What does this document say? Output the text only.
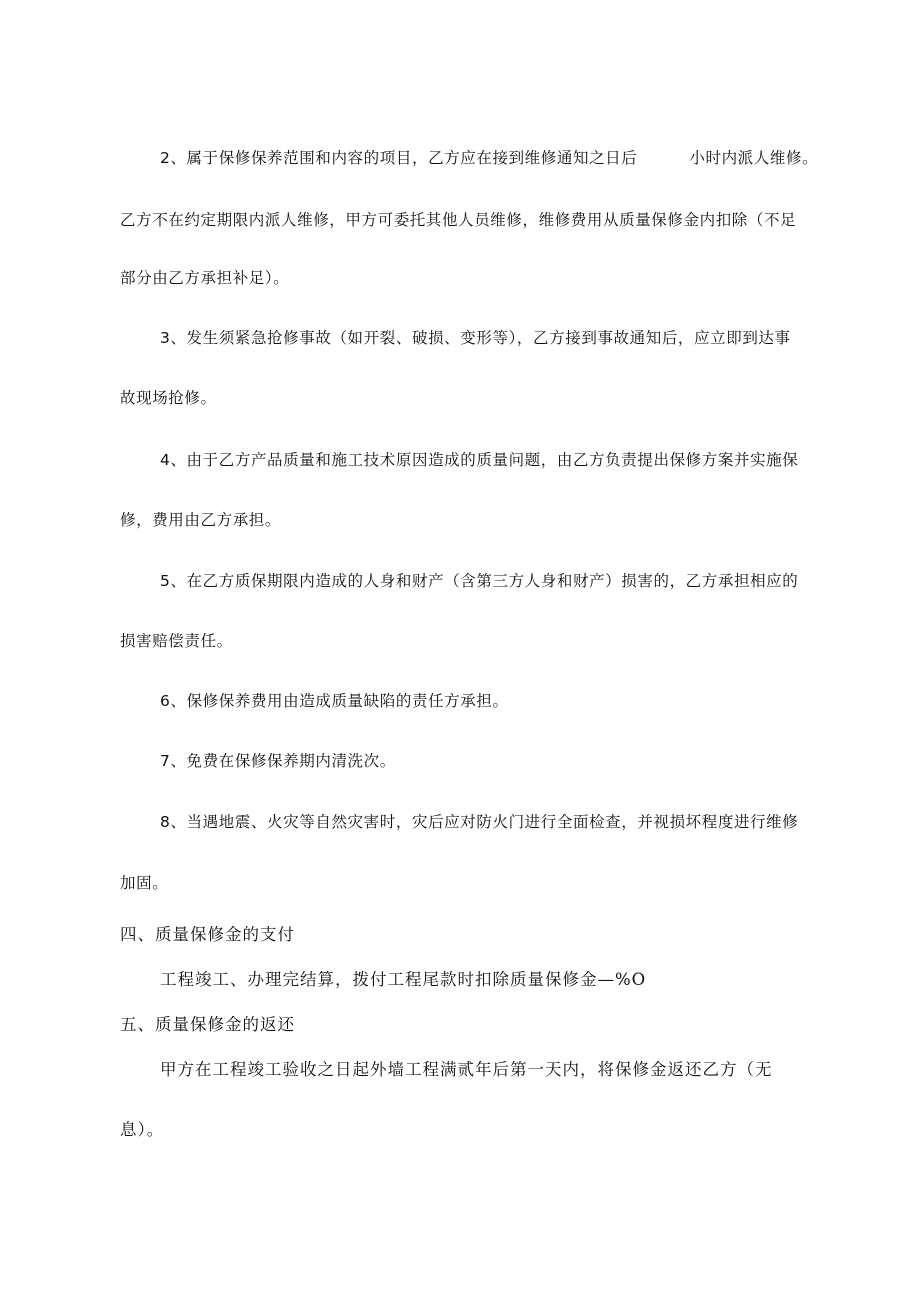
2、属于保修保养范围和内容的项目，乙方应在接到维修通知之日后	小时内派人维修。
乙方不在约定期限内派人维修，甲方可委托其他人员维修，维修费用从质量保修金内扣除（不足
部分由乙方承担补足）。
3、发生须紧急抢修事故（如开裂、破损、变形等），乙方接到事故通知后，应立即到达事
故现场抢修。
4、由于乙方产品质量和施工技术原因造成的质量问题，由乙方负责提出保修方案并实施保
修，费用由乙方承担。
5、在乙方质保期限内造成的人身和财产（含第三方人身和财产）损害的，乙方承担相应的
损害赔偿责任。
6、保修保养费用由造成质量缺陷的责任方承担。
7、免费在保修保养期内清洗次。
8、当遇地震、火灾等自然灾害时，灾后应对防火门进行全面检查，并视损坏程度进行维修
加固。
四、质量保修金的支付
工程竣工、办理完结算，拨付工程尾款时扣除质量保修金—%O
五、质量保修金的返还
甲方在工程竣工验收之日起外墙工程满贰年后第一天内，将保修金返还乙方（无
息）。
